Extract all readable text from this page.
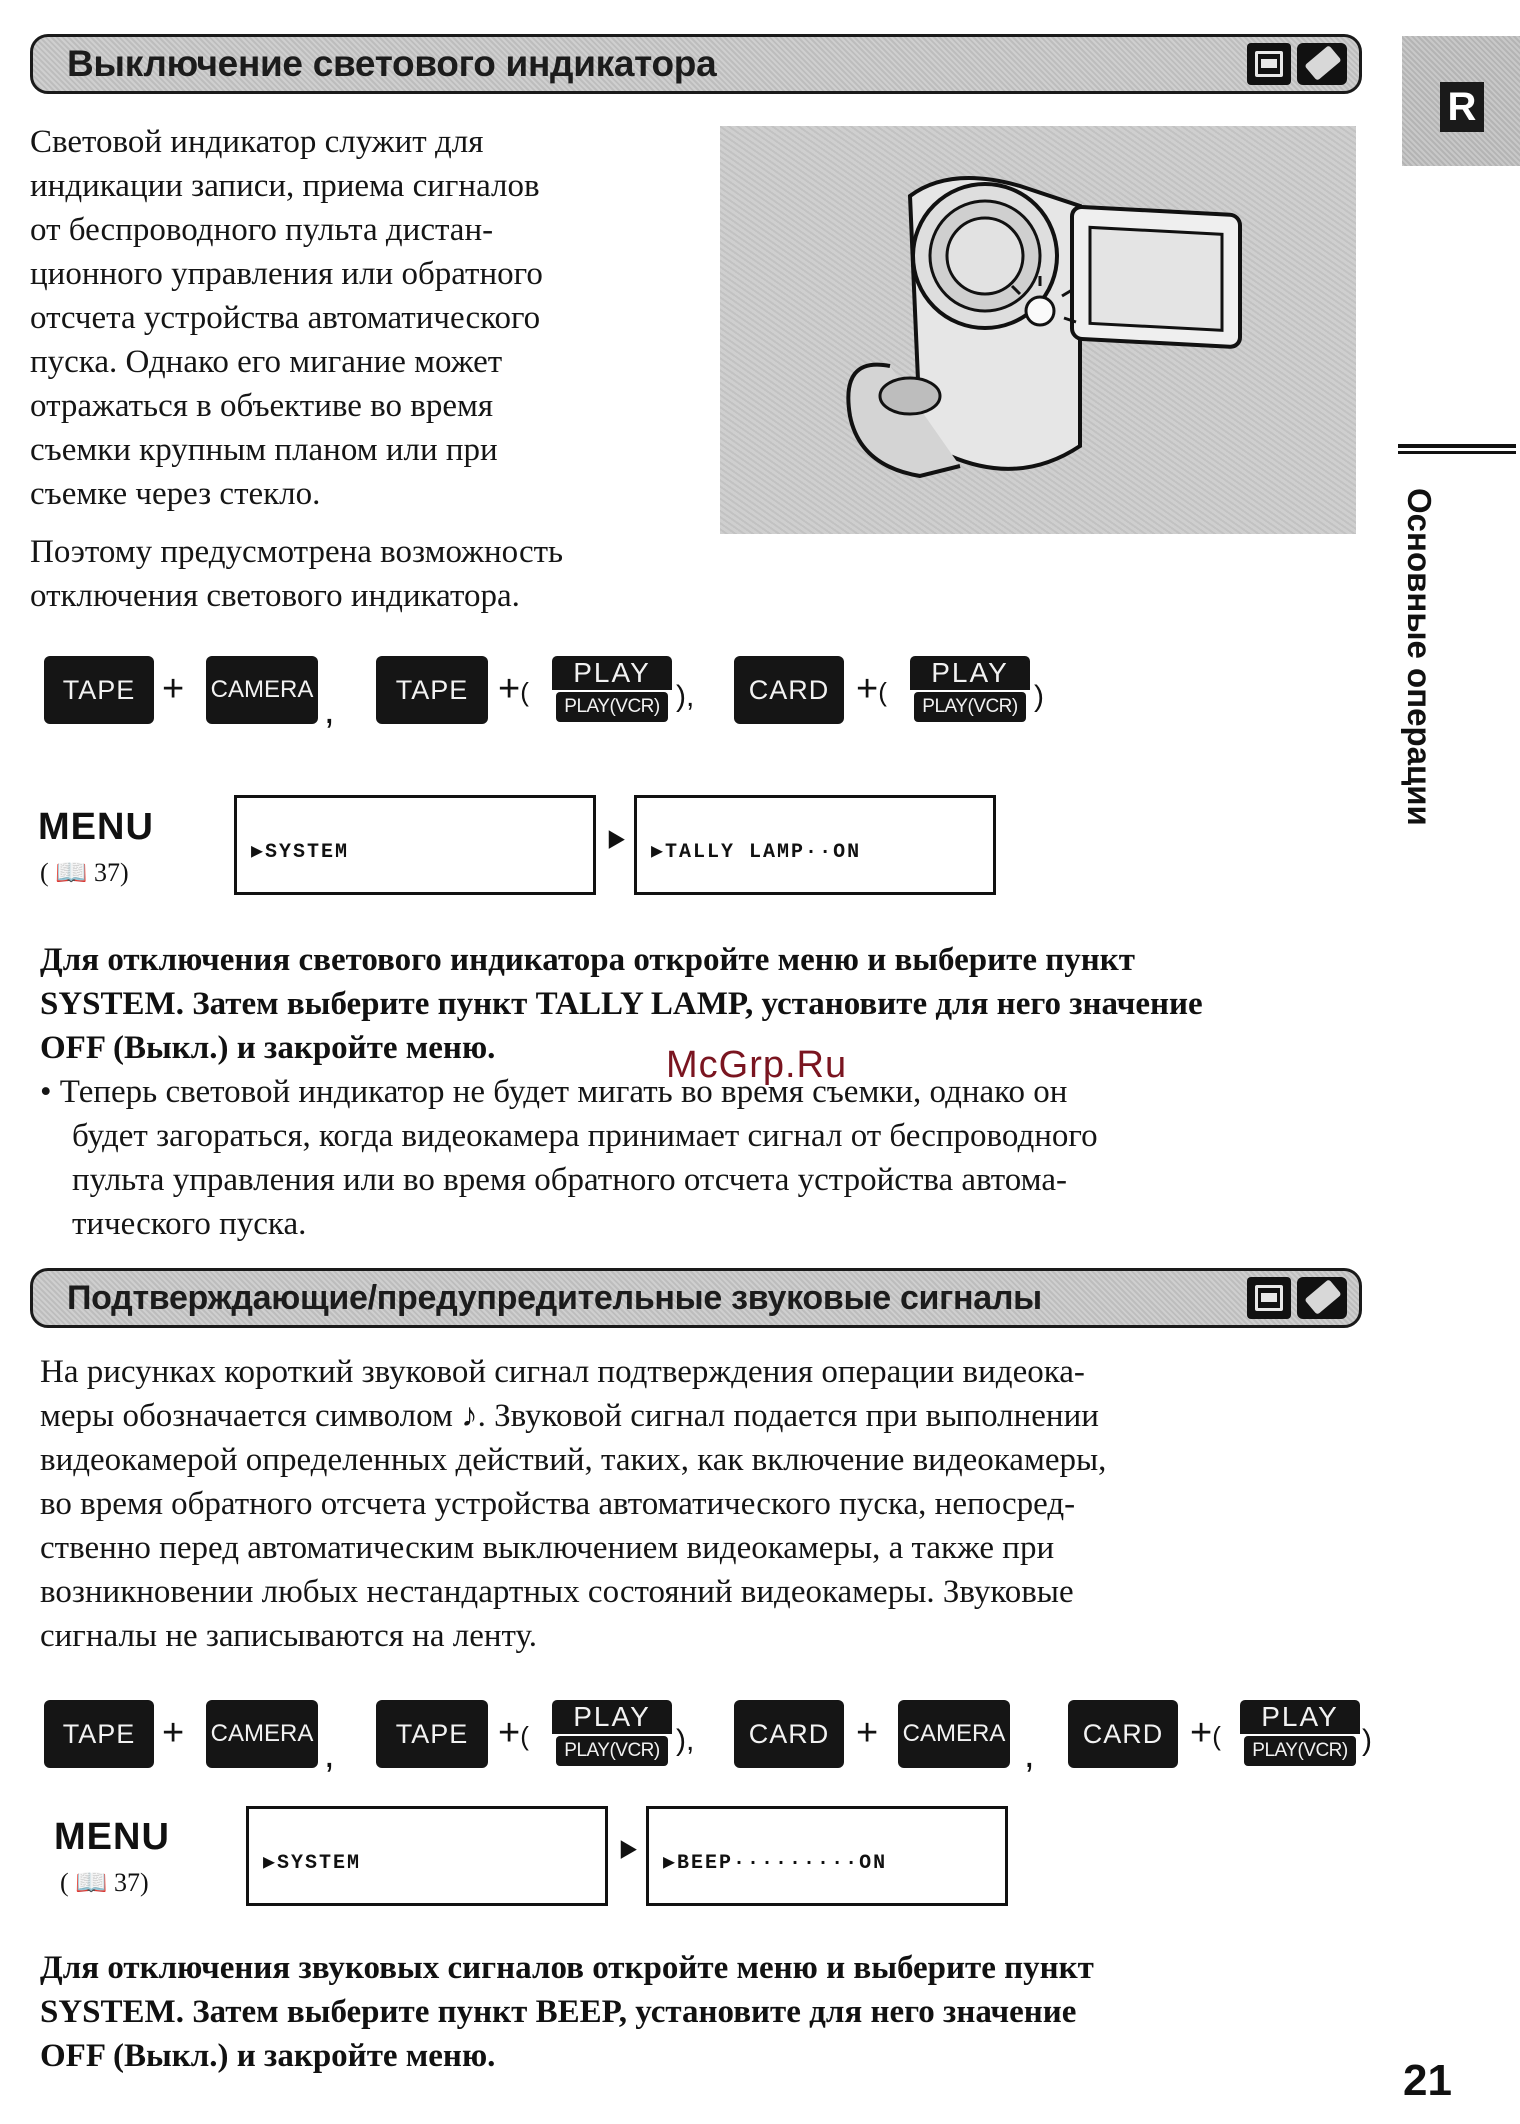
R
Основные операции
Выключение светового индикатора
Световой индикатор служит для
индикации записи, приема сигналов
от беспроводного пульта дистан-
ционного управления или обратного
отсчета устройства автоматического
пуска. Однако его мигание может
отражаться в объективе во время
съемки крупным планом или при
съемке через стекло.
Поэтому предусмотрена возможность
отключения светового индикатора.
TAPE + CAMERA
,	TAPE +(
PLAY
PLAY(VCR) ),	CARD +(
PLAY
PLAY(VCR) )
MENU
( 📖 37)
▶SYSTEM	⯈ ▶TALLY LAMP··ON
Для отключения светового индикатора откройте меню и выберите пункт
SYSTEM. Затем выберите пункт TALLY LAMP, установите для него значение
OFF (Выкл.) и закройте меню.
• Теперь световой индикатор не будет мигать во время съемки, однако он
будет загораться, когда видеокамера принимает сигнал от беспроводного
пульта управления или во время обратного отсчета устройства автома-
тического пуска.
McGrp.Ru
Подтверждающие/предупредительные звуковые сигналы
На рисунках короткий звуковой сигнал подтверждения операции видеока-
меры обозначается символом ♪. Звуковой сигнал подается при выполнении
видеокамерой определенных действий, таких, как включение видеокамеры,
во время обратного отсчета устройства автоматического пуска, непосред-
ственно перед автоматическим выключением видеокамеры, а также при
возникновении любых нестандартных состояний видеокамеры. Звуковые
сигналы не записываются на ленту.
TAPE + CAMERA
,	TAPE +(
PLAY
PLAY(VCR) ),	CARD + CAMERA
,	CARD +(
PLAY
PLAY(VCR) )
MENU
( 📖 37)
▶SYSTEM	⯈ ▶BEEP·········ON
Для отключения звуковых сигналов откройте меню и выберите пункт
SYSTEM. Затем выберите пункт BEEP, установите для него значение
OFF (Выкл.) и закройте меню.	21
